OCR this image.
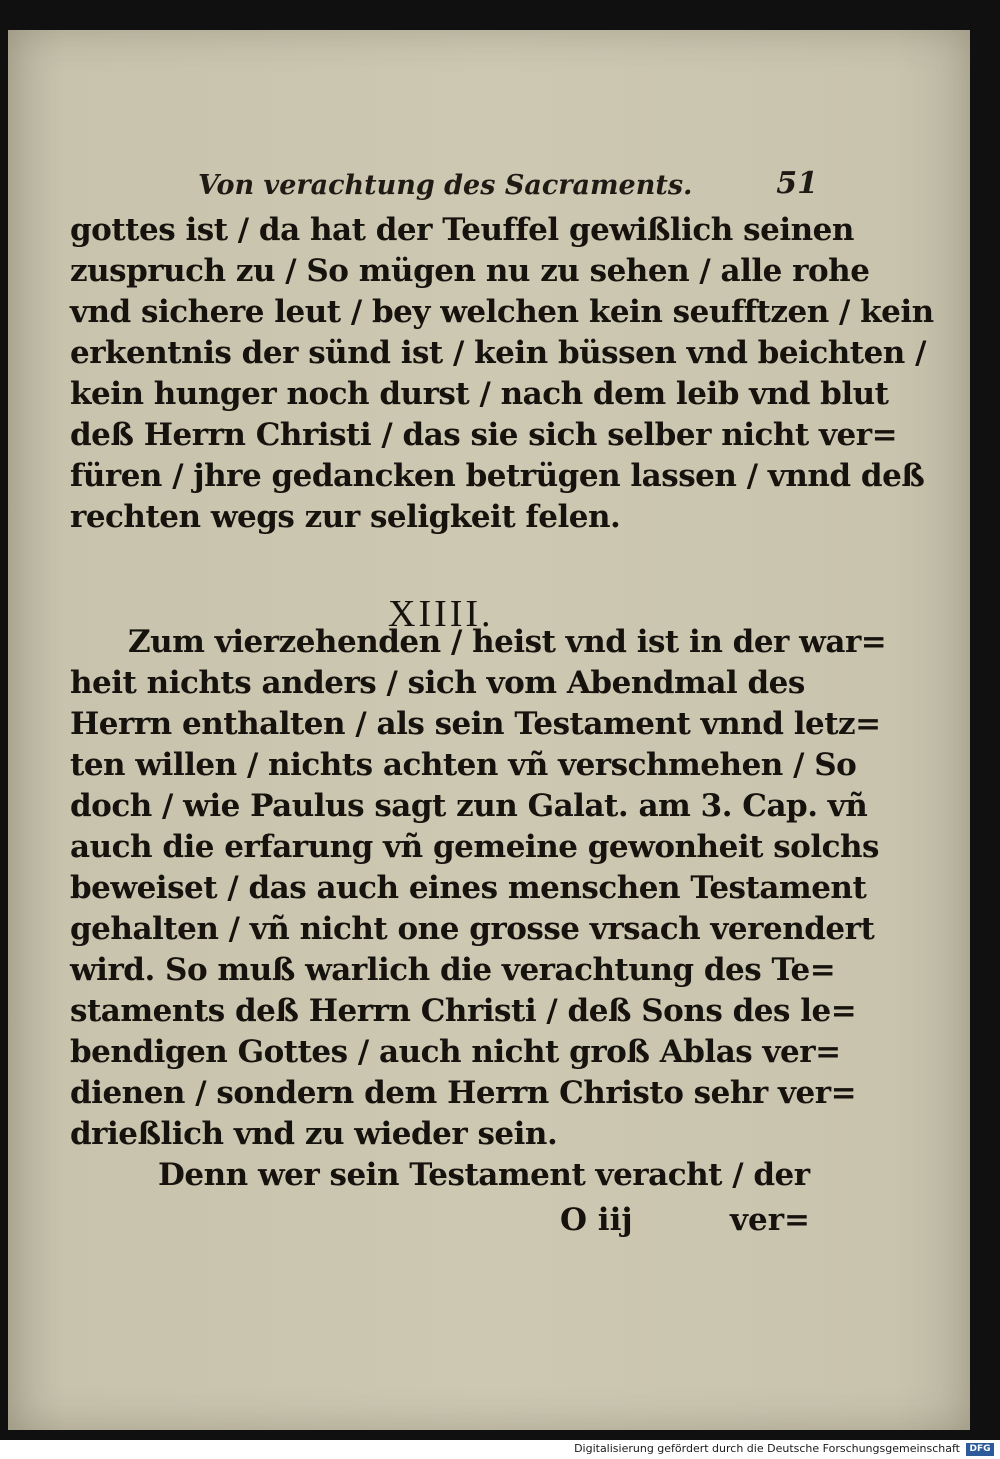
Von verachtung des Sacraments.	51
gottes ist / da hat der Teuffel gewißlich seinen
zuspruch zu / So mügen nu zu sehen / alle rohe
vnd sichere leut / bey welchen kein seufftzen / kein
erkentnis der sünd ist / kein büssen vnd beichten /
kein hunger noch durst / nach dem leib vnd blut
deß Herrn Christi / das sie sich selber nicht ver=
füren / jhre gedancken betrügen lassen / vnnd deß
rechten wegs zur seligkeit felen.
XIIII.
Zum vierzehenden / heist vnd ist in der war=
heit nichts anders / sich vom Abendmal des
Herrn enthalten / als sein Testament vnnd letz=
ten willen / nichts achten vñ verschmehen / So
doch / wie Paulus sagt zun Galat. am 3. Cap. vñ
auch die erfarung vñ gemeine gewonheit solchs
beweiset / das auch eines menschen Testament
gehalten / vñ nicht one grosse vrsach verendert
wird. So muß warlich die verachtung des Te=
staments deß Herrn Christi / deß Sons des le=
bendigen Gottes / auch nicht groß Ablas ver=
dienen / sondern dem Herrn Christo sehr ver=
drießlich vnd zu wieder sein.
Denn wer sein Testament veracht / der
O iij	ver=
Digitalisierung gefördert durch die Deutsche Forschungsgemeinschaft	DFG
